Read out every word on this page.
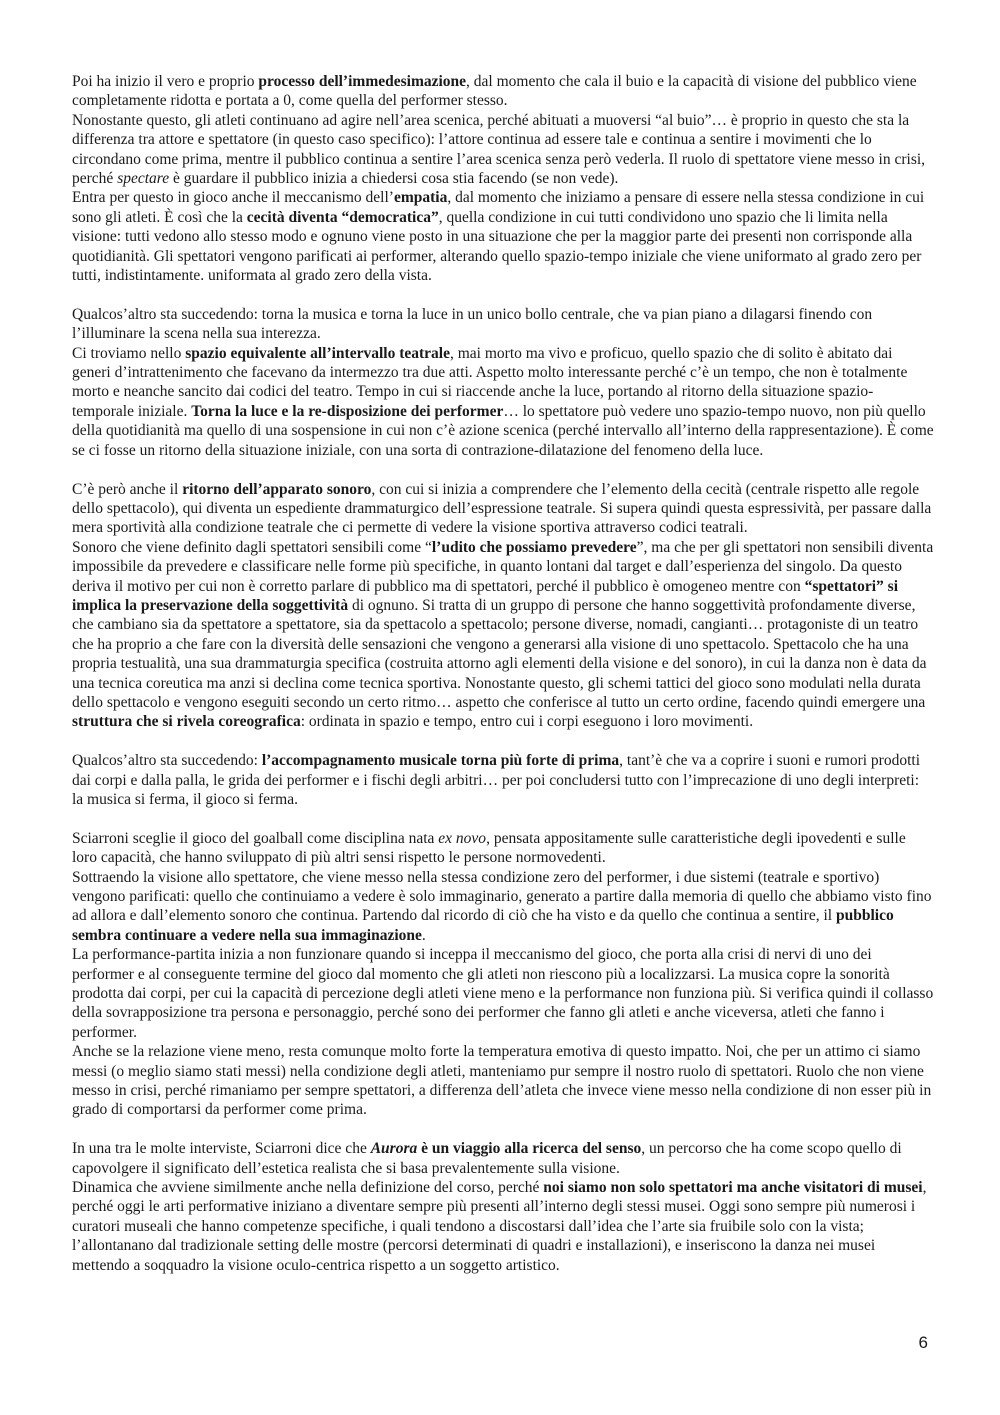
Poi ha inizio il vero e proprio processo dell’immedesimazione, dal momento che cala il buio e la capacità di visione del pubblico viene completamente ridotta e portata a 0, come quella del performer stesso.

Nonostante questo, gli atleti continuano ad agire nell’area scenica, perché abituati a muoversi “al buio”… è proprio in questo che sta la differenza tra attore e spettatore (in questo caso specifico): l’attore continua ad essere tale e continua a sentire i movimenti che lo circondano come prima, mentre il pubblico continua a sentire l’area scenica senza però vederla. Il ruolo di spettatore viene messo in crisi, perché spectare è guardare il pubblico inizia a chiedersi cosa stia facendo (se non vede).

Entra per questo in gioco anche il meccanismo dell’empatia, dal momento che iniziamo a pensare di essere nella stessa condizione in cui sono gli atleti. È così che la cecità diventa “democratica”, quella condizione in cui tutti condividono uno spazio che li limita nella visione: tutti vedono allo stesso modo e ognuno viene posto in una situazione che per la maggior parte dei presenti non corrisponde alla quotidianità. Gli spettatori vengono parificati ai performer, alterando quello spazio-tempo iniziale che viene uniformato al grado zero per tutti, indistintamente. uniformata al grado zero della vista.

Qualcos’altro sta succedendo: torna la musica e torna la luce in un unico bollo centrale, che va pian piano a dilagarsi finendo con l’illuminare la scena nella sua interezza.

Ci troviamo nello spazio equivalente all’intervallo teatrale, mai morto ma vivo e proficuo, quello spazio che di solito è abitato dai generi d’intrattenimento che facevano da intermezzo tra due atti. Aspetto molto interessante perché c’è un tempo, che non è totalmente morto e neanche sancito dai codici del teatro. Tempo in cui si riaccende anche la luce, portando al ritorno della situazione spazio-temporale iniziale. Torna la luce e la re-disposizione dei performer… lo spettatore può vedere uno spazio-tempo nuovo, non più quello della quotidianità ma quello di una sospensione in cui non c’è azione scenica (perché intervallo all’interno della rappresentazione). È come se ci fosse un ritorno della situazione iniziale, con una sorta di contrazione-dilatazione del fenomeno della luce.

C’è però anche il ritorno dell’apparato sonoro, con cui si inizia a comprendere che l’elemento della cecità (centrale rispetto alle regole dello spettacolo), qui diventa un espediente drammaturgico dell’espressione teatrale. Si supera quindi questa espressività, per passare dalla mera sportività alla condizione teatrale che ci permette di vedere la visione sportiva attraverso codici teatrali.

Sonoro che viene definito dagli spettatori sensibili come “l’udito che possiamo prevedere”, ma che per gli spettatori non sensibili diventa impossibile da prevedere e classificare nelle forme più specifiche, in quanto lontani dal target e dall’esperienza del singolo. Da questo deriva il motivo per cui non è corretto parlare di pubblico ma di spettatori, perché il pubblico è omogeneo mentre con “spettatori” si implica la preservazione della soggettività di ognuno. Si tratta di un gruppo di persone che hanno soggettività profondamente diverse, che cambiano sia da spettatore a spettatore, sia da spettacolo a spettacolo; persone diverse, nomadi, cangianti… protagoniste di un teatro che ha proprio a che fare con la diversità delle sensazioni che vengono a generarsi alla visione di uno spettacolo. Spettacolo che ha una propria testualità, una sua drammaturgia specifica (costruita attorno agli elementi della visione e del sonoro), in cui la danza non è data da una tecnica coreutica ma anzi si declina come tecnica sportiva. Nonostante questo, gli schemi tattici del gioco sono modulati nella durata dello spettacolo e vengono eseguiti secondo un certo ritmo… aspetto che conferisce al tutto un certo ordine, facendo quindi emergere una struttura che si rivela coreografica: ordinata in spazio e tempo, entro cui i corpi eseguono i loro movimenti.

Qualcos’altro sta succedendo: l’accompagnamento musicale torna più forte di prima, tant’è che va a coprire i suoni e rumori prodotti dai corpi e dalla palla, le grida dei performer e i fischi degli arbitri… per poi concludersi tutto con l’imprecazione di uno degli interpreti: la musica si ferma, il gioco si ferma.

Sciarroni sceglie il gioco del goalball come disciplina nata ex novo, pensata appositamente sulle caratteristiche degli ipovedenti e sulle loro capacità, che hanno sviluppato di più altri sensi rispetto le persone normovedenti.

Sottraendo la visione allo spettatore, che viene messo nella stessa condizione zero del performer, i due sistemi (teatrale e sportivo) vengono parificati: quello che continuiamo a vedere è solo immaginario, generato a partire dalla memoria di quello che abbiamo visto fino ad allora e dall’elemento sonoro che continua. Partendo dal ricordo di ciò che ha visto e da quello che continua a sentire, il pubblico sembra continuare a vedere nella sua immaginazione.

La performance-partita inizia a non funzionare quando si inceppa il meccanismo del gioco, che porta alla crisi di nervi di uno dei performer e al conseguente termine del gioco dal momento che gli atleti non riescono più a localizzarsi. La musica copre la sonorità prodotta dai corpi, per cui la capacità di percezione degli atleti viene meno e la performance non funziona più. Si verifica quindi il collasso della sovrapposizione tra persona e personaggio, perché sono dei performer che fanno gli atleti e anche viceversa, atleti che fanno i performer.

Anche se la relazione viene meno, resta comunque molto forte la temperatura emotiva di questo impatto. Noi, che per un attimo ci siamo messi (o meglio siamo stati messi) nella condizione degli atleti, manteniamo pur sempre il nostro ruolo di spettatori. Ruolo che non viene messo in crisi, perché rimaniamo per sempre spettatori, a differenza dell’atleta che invece viene messo nella condizione di non esser più in grado di comportarsi da performer come prima.

In una tra le molte interviste, Sciarroni dice che Aurora è un viaggio alla ricerca del senso, un percorso che ha come scopo quello di capovolgere il significato dell’estetica realista che si basa prevalentemente sulla visione.

Dinamica che avviene similmente anche nella definizione del corso, perché noi siamo non solo spettatori ma anche visitatori di musei, perché oggi le arti performative iniziano a diventare sempre più presenti all’interno degli stessi musei. Oggi sono sempre più numerosi i curatori museali che hanno competenze specifiche, i quali tendono a discostarsi dall’idea che l’arte sia fruibile solo con la vista; l’allontanano dal tradizionale setting delle mostre (percorsi determinati di quadri e installazioni), e inseriscono la danza nei musei mettendo a soqquadro la visione oculo-centrica rispetto a un soggetto artistico.

6
